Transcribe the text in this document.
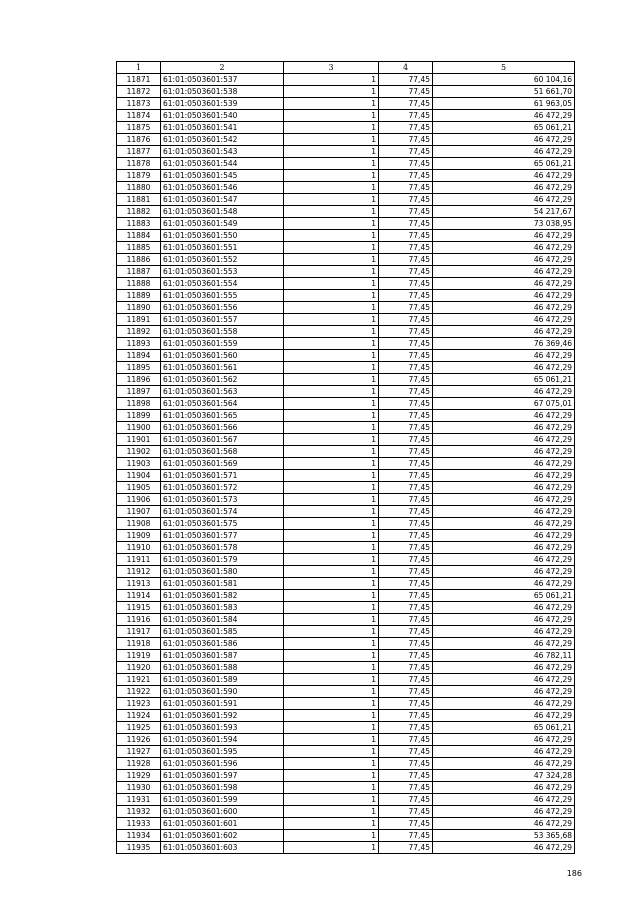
1	2	3	4	5
11871	61:01:0503601:537	1	77,45	60 104,16
11872	61:01:0503601:538	1	77,45	51 661,70
11873	61:01:0503601:539	1	77,45	61 963,05
11874	61:01:0503601:540	1	77,45	46 472,29
11875	61:01:0503601:541	1	77,45	65 061,21
11876	61:01:0503601:542	1	77,45	46 472,29
11877	61:01:0503601:543	1	77,45	46 472,29
11878	61:01:0503601:544	1	77,45	65 061,21
11879	61:01:0503601:545	1	77,45	46 472,29
11880	61:01:0503601:546	1	77,45	46 472,29
11881	61:01:0503601:547	1	77,45	46 472,29
11882	61:01:0503601:548	1	77,45	54 217,67
11883	61:01:0503601:549	1	77,45	73 038,95
11884	61:01:0503601:550	1	77,45	46 472,29
11885	61:01:0503601:551	1	77,45	46 472,29
11886	61:01:0503601:552	1	77,45	46 472,29
11887	61:01:0503601:553	1	77,45	46 472,29
11888	61:01:0503601:554	1	77,45	46 472,29
11889	61:01:0503601:555	1	77,45	46 472,29
11890	61:01:0503601:556	1	77,45	46 472,29
11891	61:01:0503601:557	1	77,45	46 472,29
11892	61:01:0503601:558	1	77,45	46 472,29
11893	61:01:0503601:559	1	77,45	76 369,46
11894	61:01:0503601:560	1	77,45	46 472,29
11895	61:01:0503601:561	1	77,45	46 472,29
11896	61:01:0503601:562	1	77,45	65 061,21
11897	61:01:0503601:563	1	77,45	46 472,29
11898	61:01:0503601:564	1	77,45	67 075,01
11899	61:01:0503601:565	1	77,45	46 472,29
11900	61:01:0503601:566	1	77,45	46 472,29
11901	61:01:0503601:567	1	77,45	46 472,29
11902	61:01:0503601:568	1	77,45	46 472,29
11903	61:01:0503601:569	1	77,45	46 472,29
11904	61:01:0503601:571	1	77,45	46 472,29
11905	61:01:0503601:572	1	77,45	46 472,29
11906	61:01:0503601:573	1	77,45	46 472,29
11907	61:01:0503601:574	1	77,45	46 472,29
11908	61:01:0503601:575	1	77,45	46 472,29
11909	61:01:0503601:577	1	77,45	46 472,29
11910	61:01:0503601:578	1	77,45	46 472,29
11911	61:01:0503601:579	1	77,45	46 472,29
11912	61:01:0503601:580	1	77,45	46 472,29
11913	61:01:0503601:581	1	77,45	46 472,29
11914	61:01:0503601:582	1	77,45	65 061,21
11915	61:01:0503601:583	1	77,45	46 472,29
11916	61:01:0503601:584	1	77,45	46 472,29
11917	61:01:0503601:585	1	77,45	46 472,29
11918	61:01:0503601:586	1	77,45	46 472,29
11919	61:01:0503601:587	1	77,45	46 782,11
11920	61:01:0503601:588	1	77,45	46 472,29
11921	61:01:0503601:589	1	77,45	46 472,29
11922	61:01:0503601:590	1	77,45	46 472,29
11923	61:01:0503601:591	1	77,45	46 472,29
11924	61:01:0503601:592	1	77,45	46 472,29
11925	61:01:0503601:593	1	77,45	65 061,21
11926	61:01:0503601:594	1	77,45	46 472,29
11927	61:01:0503601:595	1	77,45	46 472,29
11928	61:01:0503601:596	1	77,45	46 472,29
11929	61:01:0503601:597	1	77,45	47 324,28
11930	61:01:0503601:598	1	77,45	46 472,29
11931	61:01:0503601:599	1	77,45	46 472,29
11932	61:01:0503601:600	1	77,45	46 472,29
11933	61:01:0503601:601	1	77,45	46 472,29
11934	61:01:0503601:602	1	77,45	53 365,68
11935	61:01:0503601:603	1	77,45	46 472,29
186
